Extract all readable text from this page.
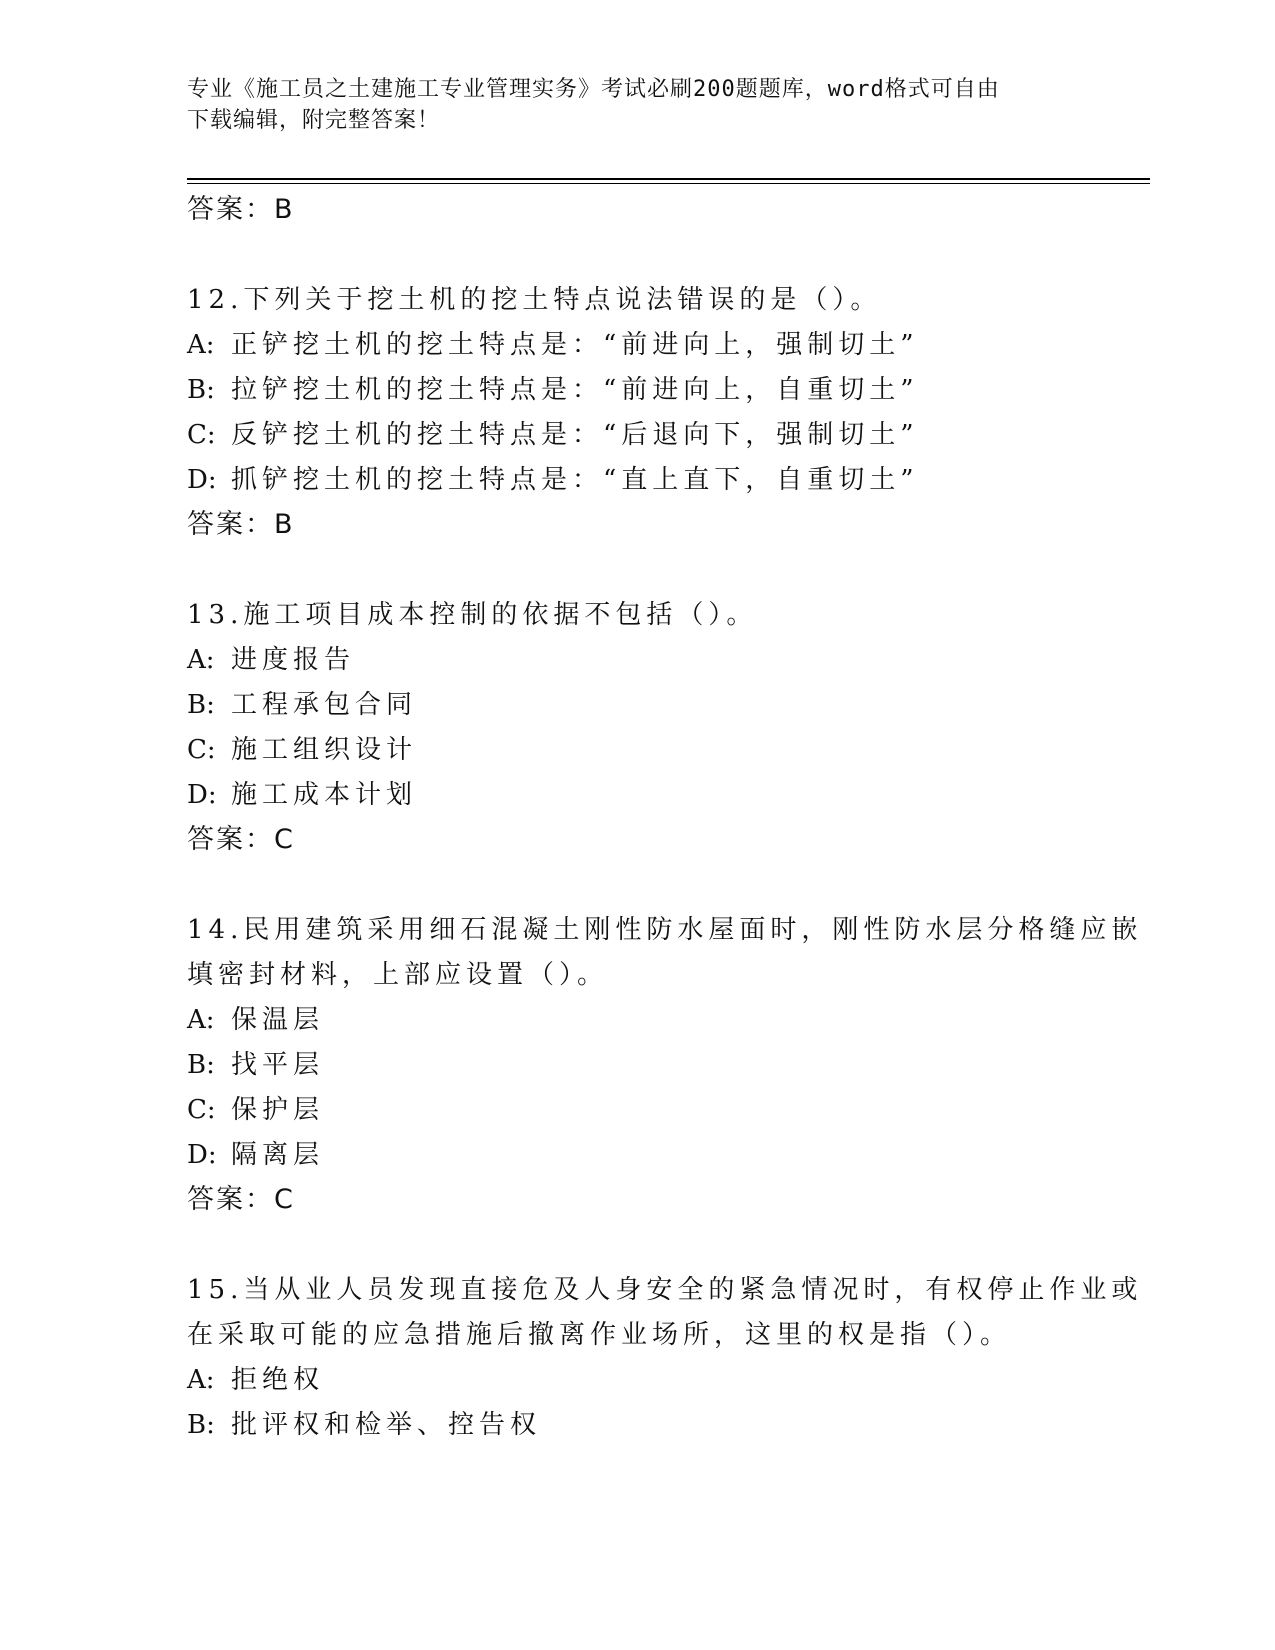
专业《施工员之土建施工专业管理实务》考试必刷200题题库，word格式可自由
下载编辑，附完整答案！
答案：B
12.下列关于挖土机的挖土特点说法错误的是（）。
A: 正铲挖土机的挖土特点是：“前进向上，强制切土”
B: 拉铲挖土机的挖土特点是：“前进向上，自重切土”
C: 反铲挖土机的挖土特点是：“后退向下，强制切土”
D: 抓铲挖土机的挖土特点是：“直上直下，自重切土”
答案：B
13.施工项目成本控制的依据不包括（）。
A: 进度报告
B: 工程承包合同
C: 施工组织设计
D: 施工成本计划
答案：C
14.民用建筑采用细石混凝土刚性防水屋面时，刚性防水层分格缝应嵌
填密封材料，上部应设置（）。
A: 保温层
B: 找平层
C: 保护层
D: 隔离层
答案：C
15.当从业人员发现直接危及人身安全的紧急情况时，有权停止作业或
在采取可能的应急措施后撤离作业场所，这里的权是指（）。
A: 拒绝权
B: 批评权和检举、控告权
